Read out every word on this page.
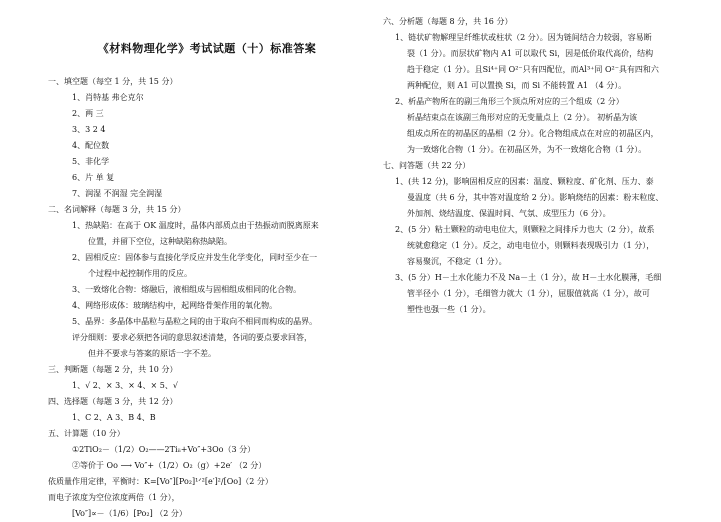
《材料物理化学》考试试题（十）标准答案
一、填空题（每空 1 分，共 15 分）
1、肖特基 弗仑克尔
2、两 三
3、3 2 4
4、配位数
5、非化学
6、片 单 复
7、润湿 不润湿 完全润湿
二、名词解释（每题 3 分，共 15 分）
1、热缺陷：在高于 OK 温度时，晶体内部质点由于热振动而脱离原来
位置，并留下空位，这种缺陷称热缺陷。
2、固相反应：固体参与直接化学反应并发生化学变化，同时至少在一
个过程中起控制作用的反应。
3、一致熔化合物：熔融后，液相组成与固相组成相同的化合物。
4、网络形成体：玻璃结构中，起网络骨架作用的氧化物。
5、晶界：多晶体中晶粒与晶粒之间的由于取向不相同而构成的晶界。
评分细则：要求必须把各词的意思叙述清楚，各词的要点要求回答，
但并不要求与答案的原话一字不差。
三、判断题（每题 2 分，共 10 分）
1、√ 2、× 3、× 4、× 5、√
四、选择题（每题 3 分，共 12 分）
1、C 2、A 3、B 4、B
五、计算题（10 分）
①2TiO₂－（1/2）O₂——2Tiᵢᵢ+Vo″+3Oo（3 分）
②等价于 Oo ⟶ Vo″+（1/2）O₂（g）+2e′ （2 分）
依质量作用定律，平衡时：K=[Vo″][Po₂]¹ᐟ²[e′]²/[Oo]（2 分）
而电子浓度为空位浓度两倍（1 分），
[Vo″]∝－（1/6）[Po₂] （2 分）
六、分析题（每题 8 分，共 16 分）
1、链状矿物解理呈纤维状或柱状（2 分）。因为链间结合力较弱，容易断
裂（1 分）。而层状矿物内 A1 可以取代 Si，因是低价取代高价，结构
趋于稳定（1 分）。且Si⁴⁺同 O²⁻只有四配位，而Al³⁺同 O²⁻具有四和六
两种配位，则 A1 可以置换 Si，而 Si 不能转置 A1 （4 分）。
2、析晶产物所在的副三角形三个顶点所对应的三个组成（2 分）
析晶结束点在该副三角形对应的无变量点上（2 分）。 初析晶为该
组成点所在的初晶区的晶相（2 分）。化合物组成点在对应的初晶区内，
为一致熔化合物（1 分）。在初晶区外，为不一致熔化合物（1 分）。
七、问答题（共 22 分）
1、(共 12 分)，影响固相反应的因素：温度、颗粒度、矿化剂、压力、泰
曼温度（共 6 分，其中答对温度给 2 分）。影响烧结的因素：粉末粒度、
外加剂、烧结温度、保温时间、气氛、成型压力（6 分）。
2、(5 分）粘土颗粒的动电电位大，则颗粒之间排斥力也大（2 分），故系
统就愈稳定（1 分）。反之，动电电位小，则颗料表现吸引力（1 分），
容易聚沉，不稳定（1 分）。
3、(5 分）H－土水化能力不及 Na－土（1 分），故 H－土水化膜薄，毛细
管半径小（1 分），毛细管力就大（1 分），屈服值就高（1 分），故可
塑性也强一些（1 分）。
